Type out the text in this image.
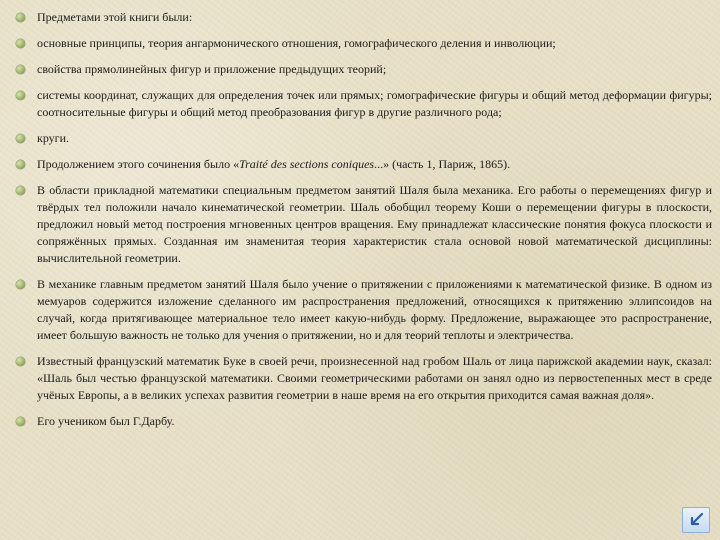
Предметами этой книги были:
основные принципы, теория ангармонического отношения, гомографического деления и инволюции;
свойства прямолинейных фигур и приложение предыдущих теорий;
системы координат, служащих для определения точек или прямых; гомографические фигуры и общий метод деформации фигуры; соотносительные фигуры и общий метод преобразования фигур в другие различного рода;
круги.
Продолжением этого сочинения было «Traité des sections coniques...» (часть 1, Париж, 1865).
В области прикладной математики специальным предметом занятий Шаля была механика. Его работы о перемещениях фигур и твёрдых тел положили начало кинематической геометрии. Шаль обобщил теорему Коши о перемещении фигуры в плоскости, предложил новый метод построения мгновенных центров вращения. Ему принадлежат классические понятия фокуса плоскости и сопряжённых прямых. Созданная им знаменитая теория характеристик стала основой новой математической дисциплины: вычислительной геометрии.
В механике главным предметом занятий Шаля было учение о притяжении с приложениями к математической физике. В одном из мемуаров содержится изложение сделанного им распространения предложений, относящихся к притяжению эллипсоидов на случай, когда притягивающее материальное тело имеет какую-нибудь форму. Предложение, выражающее это распространение, имеет большую важность не только для учения о притяжении, но и для теорий теплоты и электричества.
Известный французский математик Буке в своей речи, произнесенной над гробом Шаль от лица парижской академии наук, сказал: «Шаль был честью французской математики. Своими геометрическими работами он занял одно из первостепенных мест в среде учёных Европы, а в великих успехах развития геометрии в наше время на его открытия приходится самая важная доля».
Его учеником был Г.Дарбу.
